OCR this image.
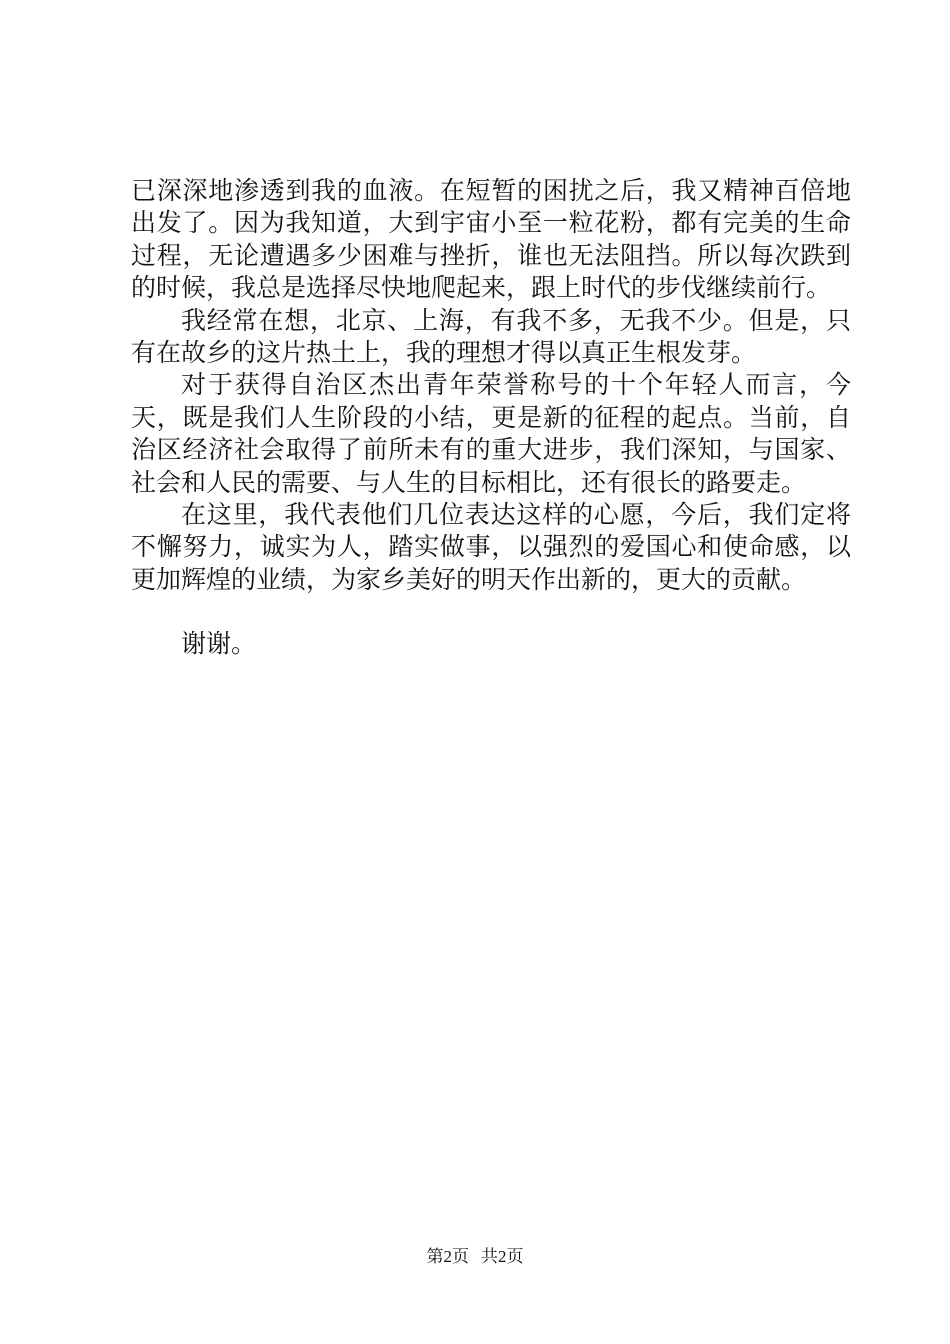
已深深地渗透到我的血液。在短暂的困扰之后，我又精神百倍地出发了。因为我知道，大到宇宙小至一粒花粉，都有完美的生命过程，无论遭遇多少困难与挫折，谁也无法阻挡。所以每次跌到的时候，我总是选择尽快地爬起来，跟上时代的步伐继续前行。

我经常在想，北京、上海，有我不多，无我不少。但是，只有在故乡的这片热土上，我的理想才得以真正生根发芽。

对于获得自治区杰出青年荣誉称号的十个年轻人而言，今天，既是我们人生阶段的小结，更是新的征程的起点。当前，自治区经济社会取得了前所未有的重大进步，我们深知，与国家、社会和人民的需要、与人生的目标相比，还有很长的路要走。

在这里，我代表他们几位表达这样的心愿，今后，我们定将不懈努力，诚实为人，踏实做事，以强烈的爱国心和使命感，以更加辉煌的业绩，为家乡美好的明天作出新的，更大的贡献。

谢谢。

第2页 共2页
